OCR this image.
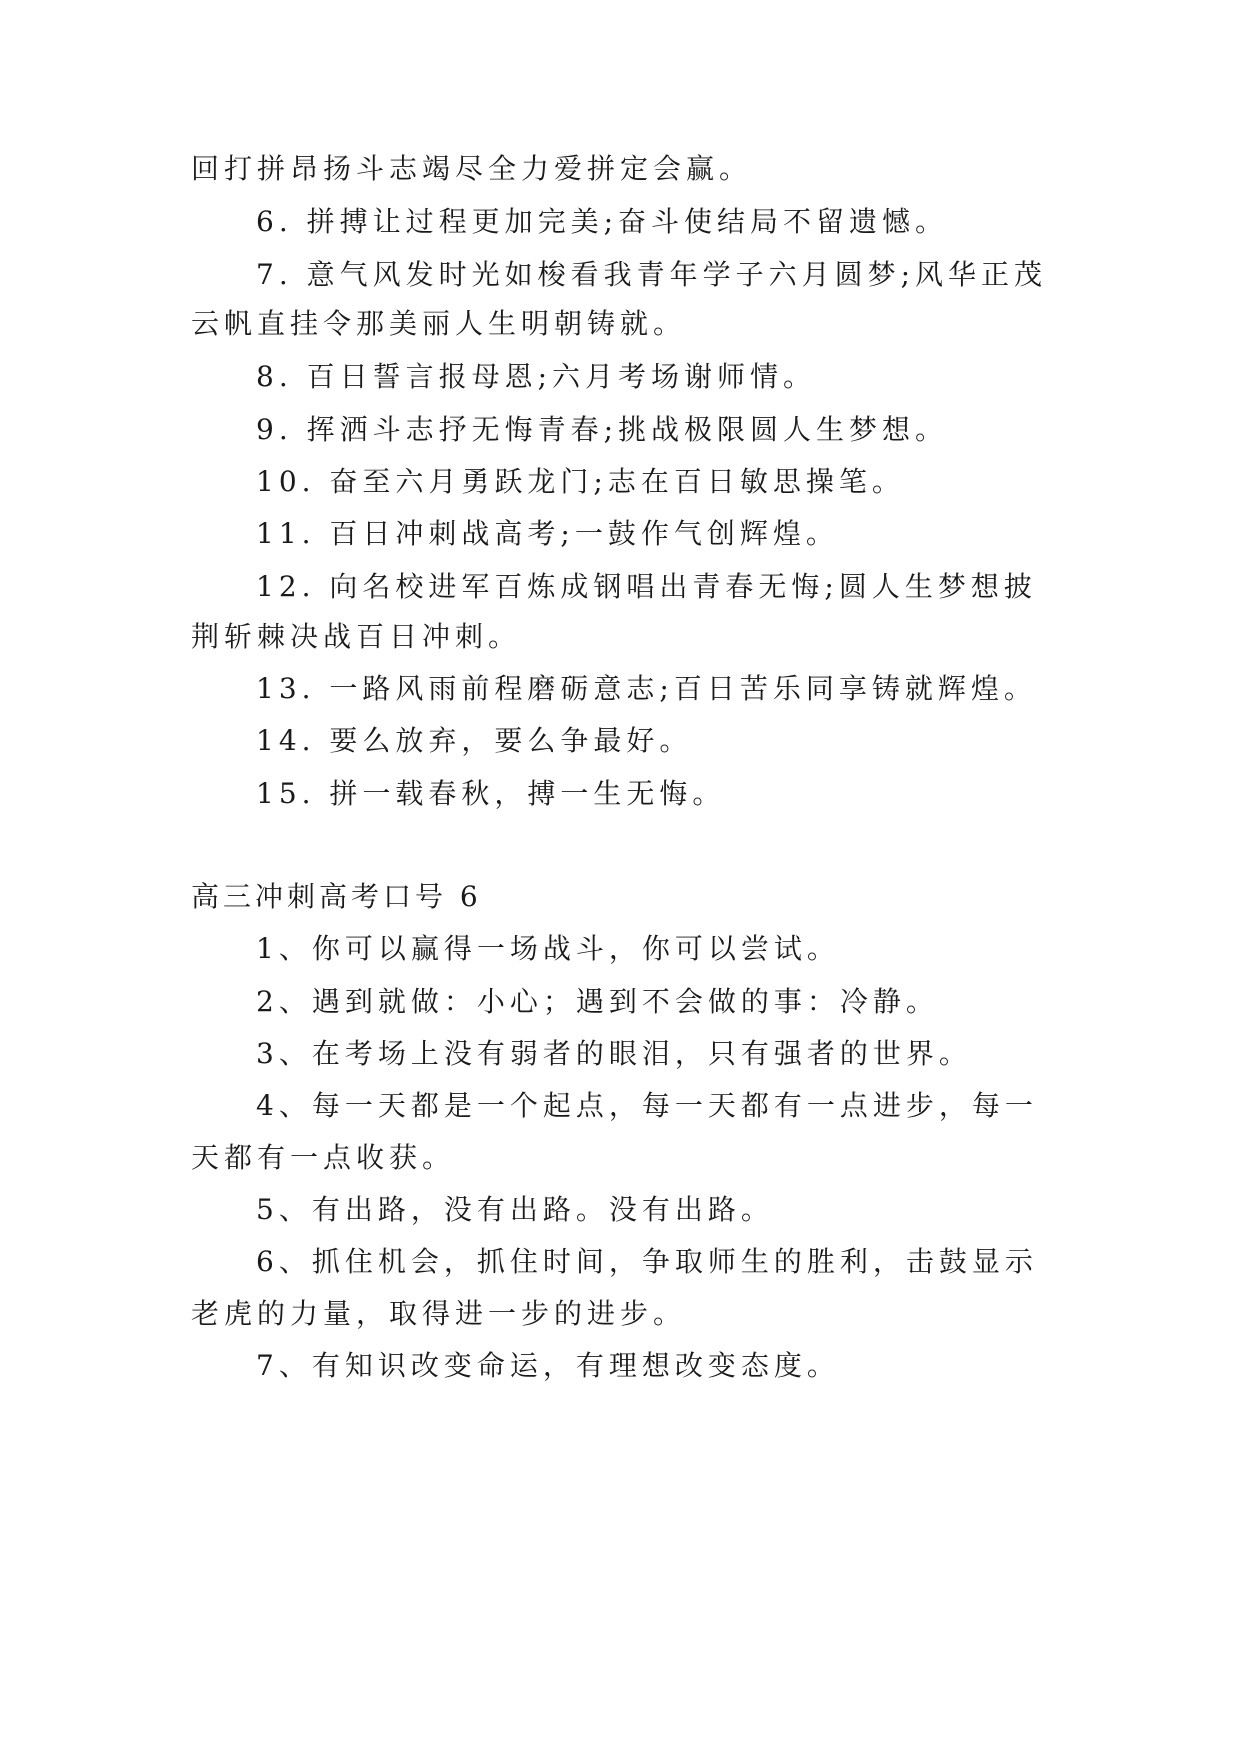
回打拼昂扬斗志竭尽全力爱拼定会赢。
6. 拼搏让过程更加完美;奋斗使结局不留遗憾。
7. 意气风发时光如梭看我青年学子六月圆梦;风华正茂
云帆直挂令那美丽人生明朝铸就。
8. 百日誓言报母恩;六月考场谢师情。
9. 挥洒斗志抒无悔青春;挑战极限圆人生梦想。
10. 奋至六月勇跃龙门;志在百日敏思操笔。
11. 百日冲刺战高考;一鼓作气创辉煌。
12. 向名校进军百炼成钢唱出青春无悔;圆人生梦想披
荆斩棘决战百日冲刺。
13. 一路风雨前程磨砺意志;百日苦乐同享铸就辉煌。
14. 要么放弃，要么争最好。
15. 拼一载春秋，搏一生无悔。
高三冲刺高考口号 6
1、你可以赢得一场战斗，你可以尝试。
2、遇到就做：小心；遇到不会做的事：冷静。
3、在考场上没有弱者的眼泪，只有强者的世界。
4、每一天都是一个起点，每一天都有一点进步，每一
天都有一点收获。
5、有出路，没有出路。没有出路。
6、抓住机会，抓住时间，争取师生的胜利，击鼓显示
老虎的力量，取得进一步的进步。
7、有知识改变命运，有理想改变态度。
